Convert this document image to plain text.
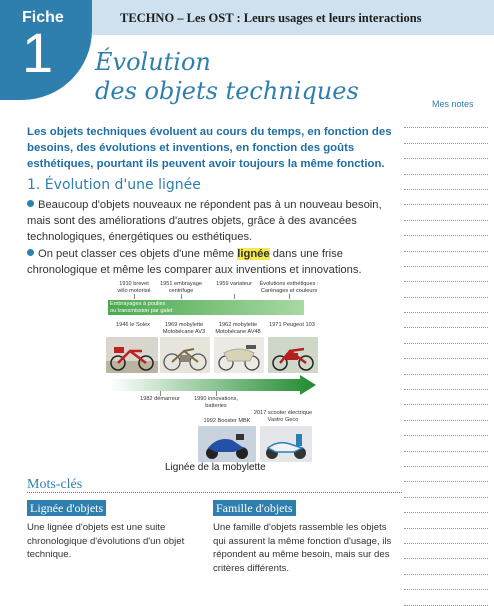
Fiche
1
TECHNO – Les OST : Leurs usages et leurs interactions
Évolution
des objets techniques	Mes notes
Les objets techniques évoluent au cours du temps, en fonction des besoins, des évolutions et inventions, en fonction des goûts esthétiques, pourtant ils peuvent avoir toujours la même fonction.
1. Évolution d'une lignée
Beaucoup d'objets nouveaux ne répondent pas à un nouveau besoin, mais sont des améliorations d'autres objets, grâce à des avancées technologiques, énergétiques ou esthétiques.
On peut classer ces objets d'une même lignée dans une frise chronologique et même les comparer aux inventions et innovations.
1910 brevet
vélo motorisé
1951 embrayage
centrifuge
1959 variateur	Évolutions esthétiques :
Carénages et couleurs
Embrayages à poulies
ou transmission par galet
1946 le Solex	1969 mobylette
Motobécane AV3
1962 mobylette
Motobécane AV48
1971 Peugeot 103
1982 démarreur	1990 innovations,
batteries
1992 Booster MBK
2017 scooter électrique
Vastro Geco
Lignée de la mobylette
Mots-clés
Lignée d'objets
Une lignée d'objets est une suite chronologique d'évolutions d'un objet technique.
Famille d'objets
Une famille d'objets rassemble les objets qui assurent la même fonction d'usage, ils répondent au même besoin, mais sur des critères différents.
